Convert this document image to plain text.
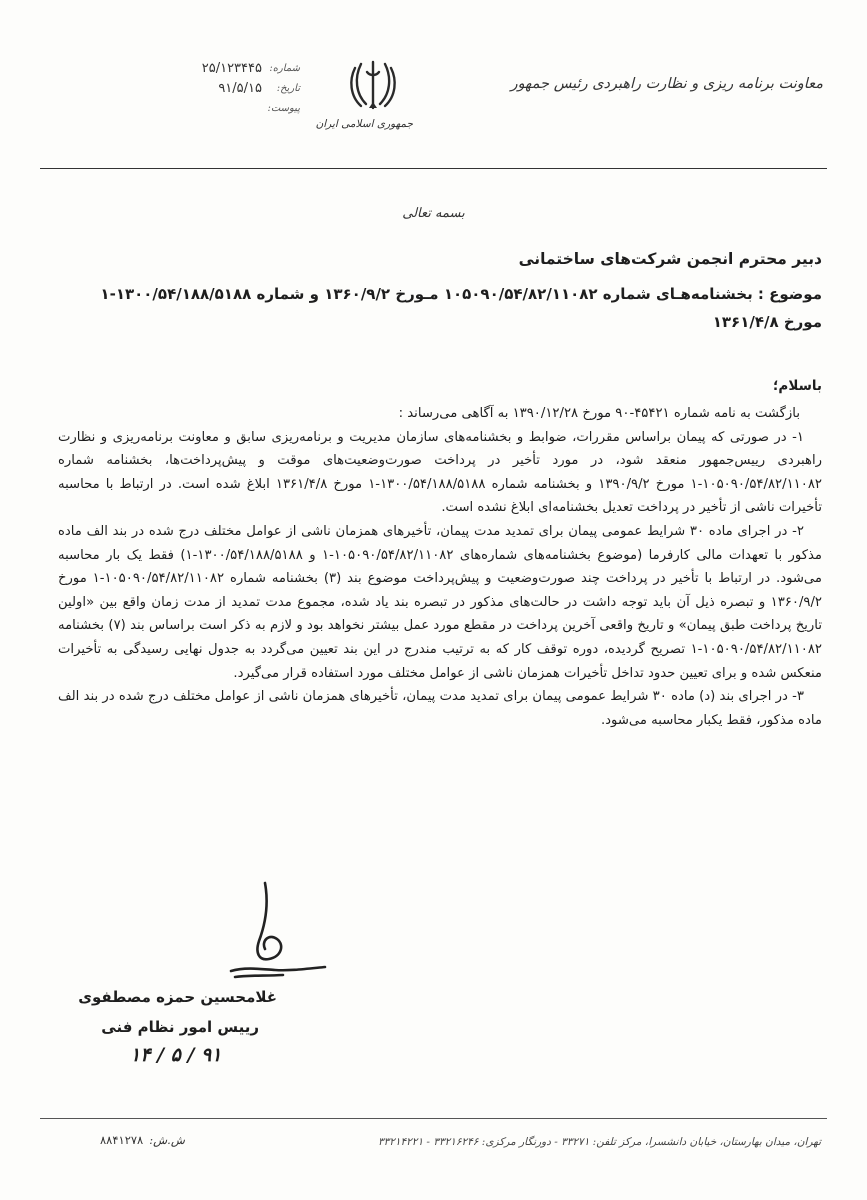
معاونت برنامه ریزی و نظارت راهبردی رئیس جمهور
جمهوری اسلامی ایران
شماره:
۲۵/۱۲۳۴۴۵
تاریخ:
۹۱/۵/۱۵
پیوست:
بسمه تعالی
دبیر محترم انجمن شرکت‌های ساختمانی
موضوع : بخشنامه‌هـای شماره ۱۰۵۰۹۰/۵۴/۸۲/۱۱۰۸۲ مـورخ ۱۳۶۰/۹/۲ و شماره ۱۳۰۰/۵۴/۱۸۸/۵۱۸۸-۱ مورخ ۱۳۶۱/۴/۸
باسلام؛

بازگشت به نامه شماره ۴۵۴۲۱-۹۰ مورخ ۱۳۹۰/۱۲/۲۸ به آگاهی می‌رساند :

۱- در صورتی که پیمان براساس مقررات، ضوابط و بخشنامه‌های سازمان مدیریت و برنامه‌ریزی سابق و معاونت برنامه‌ریزی و نظارت راهبردی رییس‌جمهور منعقد شود، در مورد تأخیر در پرداخت صورت‌وضعیت‌های موقت و پیش‌پرداخت‌ها، بخشنامه شماره ۱۰۵۰۹۰/۵۴/۸۲/۱۱۰۸۲-۱ مورخ ۱۳۹۰/۹/۲ و بخشنامه شماره ۱۳۰۰/۵۴/۱۸۸/۵۱۸۸-۱ مورخ ۱۳۶۱/۴/۸ ابلاغ شده است. در ارتباط با محاسبه تأخیرات ناشی از تأخیر در پرداخت تعدیل بخشنامه‌ای ابلاغ نشده است.

۲- در اجرای ماده ۳۰ شرایط عمومی پیمان برای تمدید مدت پیمان، تأخیرهای همزمان ناشی از عوامل مختلف درج شده در بند الف ماده مذکور با تعهدات مالی کارفرما (موضوع بخشنامه‌های شماره‌های ۱۰۵۰۹۰/۵۴/۸۲/۱۱۰۸۲-۱ و ۱۳۰۰/۵۴/۱۸۸/۵۱۸۸-۱) فقط یک بار محاسبه می‌شود. در ارتباط با تأخیر در پرداخت چند صورت‌وضعیت و پیش‌پرداخت موضوع بند (۳) بخشنامه شماره ۱۰۵۰۹۰/۵۴/۸۲/۱۱۰۸۲-۱ مورخ ۱۳۶۰/۹/۲ و تبصره ذیل آن باید توجه داشت در حالت‌های مذکور در تبصره بند یاد شده، مجموع مدت تمدید از مدت زمان واقع بین «اولین تاریخ پرداخت طبق پیمان» و تاریخ واقعی آخرین پرداخت در مقطع مورد عمل بیشتر نخواهد بود و لازم به ذکر است براساس بند (۷) بخشنامه ۱۰۵۰۹۰/۵۴/۸۲/۱۱۰۸۲-۱ تصریح گردیده، دوره توقف کار که به ترتیب مندرج در این بند تعیین می‌گردد به جدول نهایی رسیدگی به تأخیرات منعکس شده و برای تعیین حدود تداخل تأخیرات همزمان ناشی از عوامل مختلف مورد استفاده قرار می‌گیرد.

۳- در اجرای بند (د) ماده ۳۰ شرایط عمومی پیمان برای تمدید مدت پیمان، تأخیرهای همزمان ناشی از عوامل مختلف درج شده در بند الف ماده مذکور، فقط یکبار محاسبه می‌شود.

غلامحسین حمزه مصطفوی
رییس امور نظام فنی
۹۱ / ۵ / ۱۴
تهران، میدان بهارستان، خیابان دانشسرا، مرکز تلفن: ۳۳۲۷۱ - دورنگار مرکزی: ۳۳۲۱۶۲۴۶ - ۳۳۲۱۴۲۲۱
ش.ش:
۸۸۴۱۲۷۸
